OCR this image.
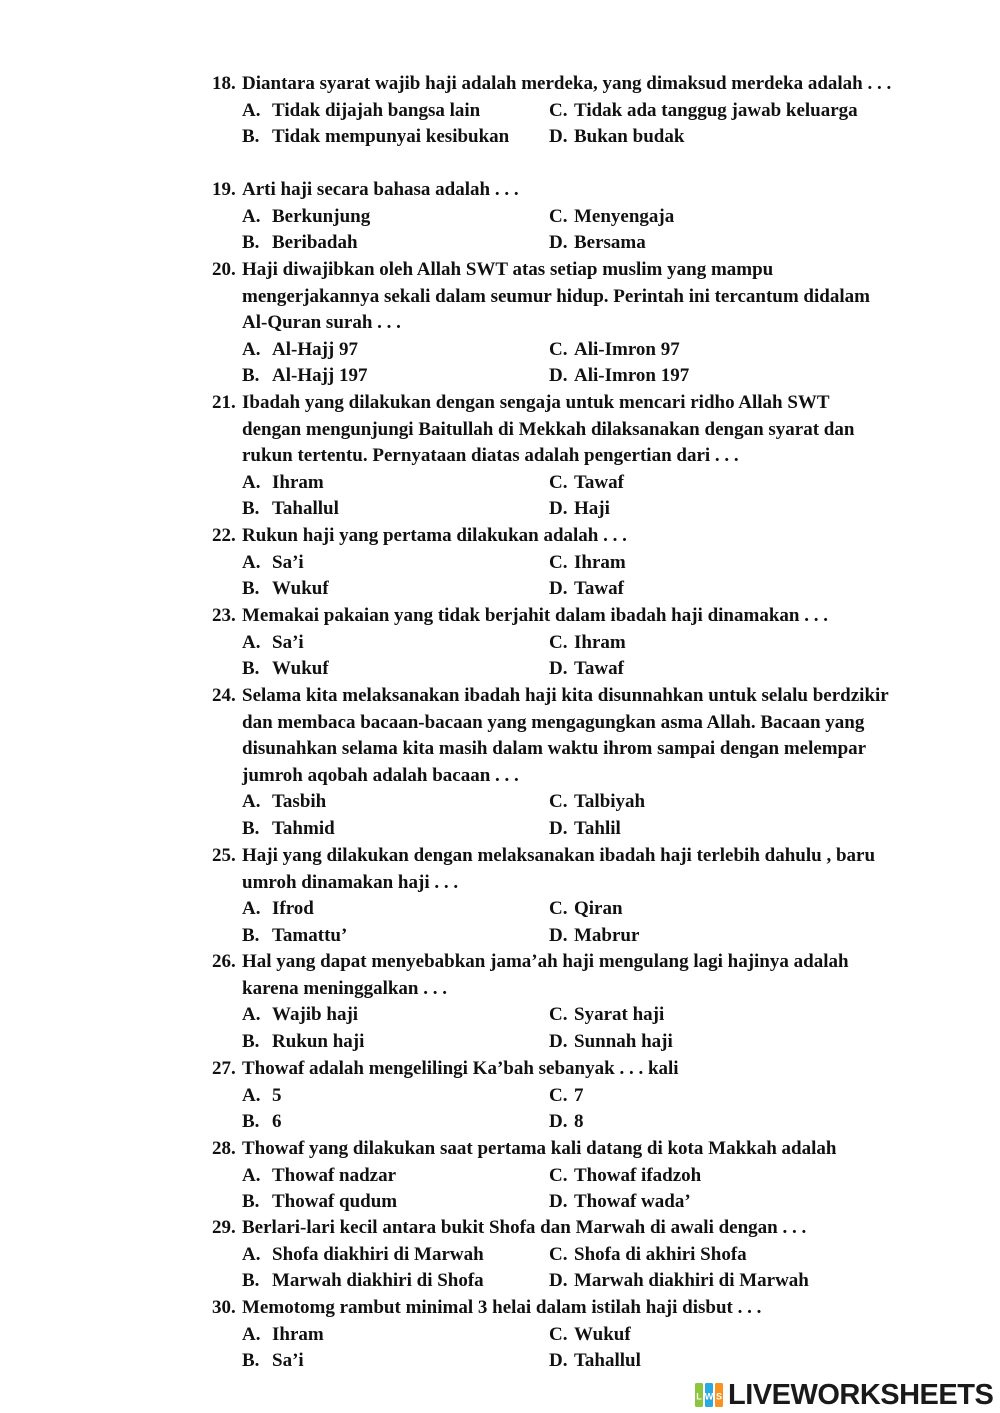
18. Diantara syarat wajib haji adalah merdeka, yang dimaksud merdeka adalah . . .
A. Tidak dijajah bangsa lain	C. Tidak ada tanggug jawab keluarga
B. Tidak mempunyai kesibukan D. Bukan budak
19. Arti haji secara bahasa adalah . . .
A. Berkunjung	C. Menyengaja
B. Beribadah	D. Bersama
20. Haji diwajibkan oleh Allah SWT atas setiap muslim yang mampu mengerjakannya sekali dalam seumur hidup. Perintah ini tercantum didalam Al-Quran surah . . .
A. Al-Hajj 97	C. Ali-Imron 97
B. Al-Hajj 197	D. Ali-Imron 197
21. Ibadah yang dilakukan dengan sengaja untuk mencari ridho Allah SWT dengan mengunjungi Baitullah di Mekkah dilaksanakan dengan syarat dan rukun tertentu. Pernyataan diatas adalah pengertian dari . . .
A. Ihram	C. Tawaf
B. Tahallul	D. Haji
22. Rukun haji yang pertama dilakukan adalah . . .
A. Sa’i	C. Ihram
B. Wukuf	D. Tawaf
23. Memakai pakaian yang tidak berjahit dalam ibadah haji dinamakan . . .
A. Sa’i	C. Ihram
B. Wukuf	D. Tawaf
24. Selama kita melaksanakan ibadah haji kita disunnahkan untuk selalu berdzikir dan membaca bacaan-bacaan yang mengagungkan asma Allah. Bacaan yang disunahkan selama kita masih dalam waktu ihrom sampai dengan melempar jumroh aqobah adalah bacaan . . .
A. Tasbih	C. Talbiyah
B. Tahmid	D. Tahlil
25. Haji yang dilakukan dengan melaksanakan ibadah haji terlebih dahulu , baru umroh dinamakan haji . . .
A. Ifrod	C. Qiran
B. Tamattu’	D. Mabrur
26. Hal yang dapat menyebabkan jama’ah haji mengulang lagi hajinya adalah karena meninggalkan . . .
A. Wajib haji	C. Syarat haji
B. Rukun haji	D. Sunnah haji
27. Thowaf adalah mengelilingi Ka’bah sebanyak . . . kali
A. 5	C. 7
B. 6	D. 8
28. Thowaf yang dilakukan saat pertama kali datang di kota Makkah adalah
A. Thowaf nadzar	C. Thowaf ifadzoh
B. Thowaf qudum	D. Thowaf wada’
29. Berlari-lari kecil antara bukit Shofa dan Marwah di awali dengan . . .
A. Shofa diakhiri di Marwah	C. Shofa di akhiri Shofa
B. Marwah diakhiri di Shofa	D. Marwah diakhiri di Marwah
30. Memotomg rambut minimal 3 helai dalam istilah haji disbut . . .
A. Ihram	C. Wukuf
B. Sa’i	D. Tahallul
L W S LIVEWORKSHEETS
